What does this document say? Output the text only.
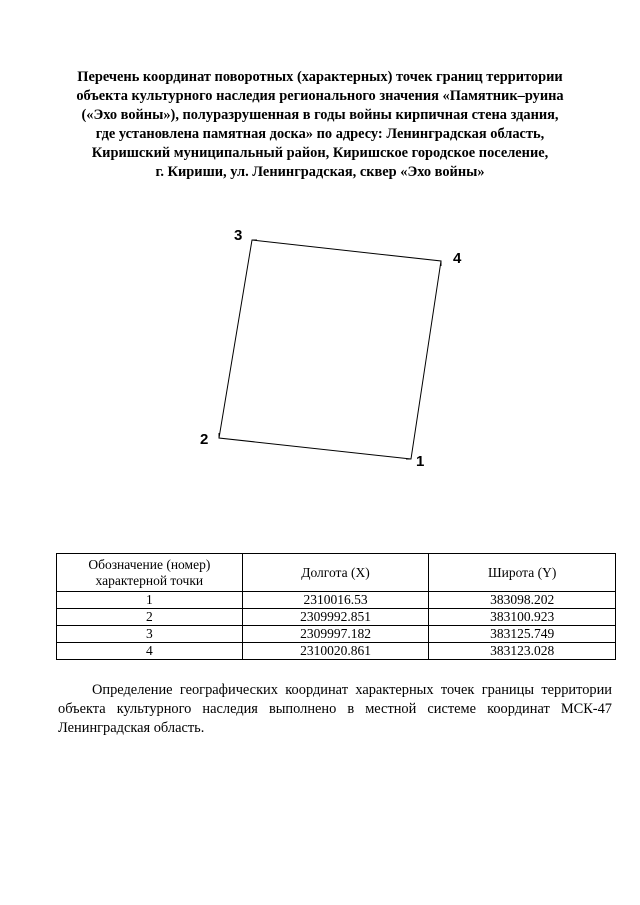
Перечень координат поворотных (характерных) точек границ территории
объекта культурного наследия регионального значения «Памятник–руина
(«Эхо войны»), полуразрушенная в годы войны кирпичная стена здания,
где установлена памятная доска» по адресу: Ленинградская область,
Киришский муниципальный район, Киришское городское поселение,
г. Кириши, ул. Ленинградская, сквер «Эхо войны»
1
2
3
4
Обозначение (номер) характерной точки	Долгота (X)	Широта (Y)
1	2310016.53	383098.202
2	2309992.851	383100.923
3	2309997.182	383125.749
4	2310020.861	383123.028

Определение географических координат характерных точек границы территории объекта культурного наследия выполнено в местной системе координат МСК-47 Ленинградская область.
